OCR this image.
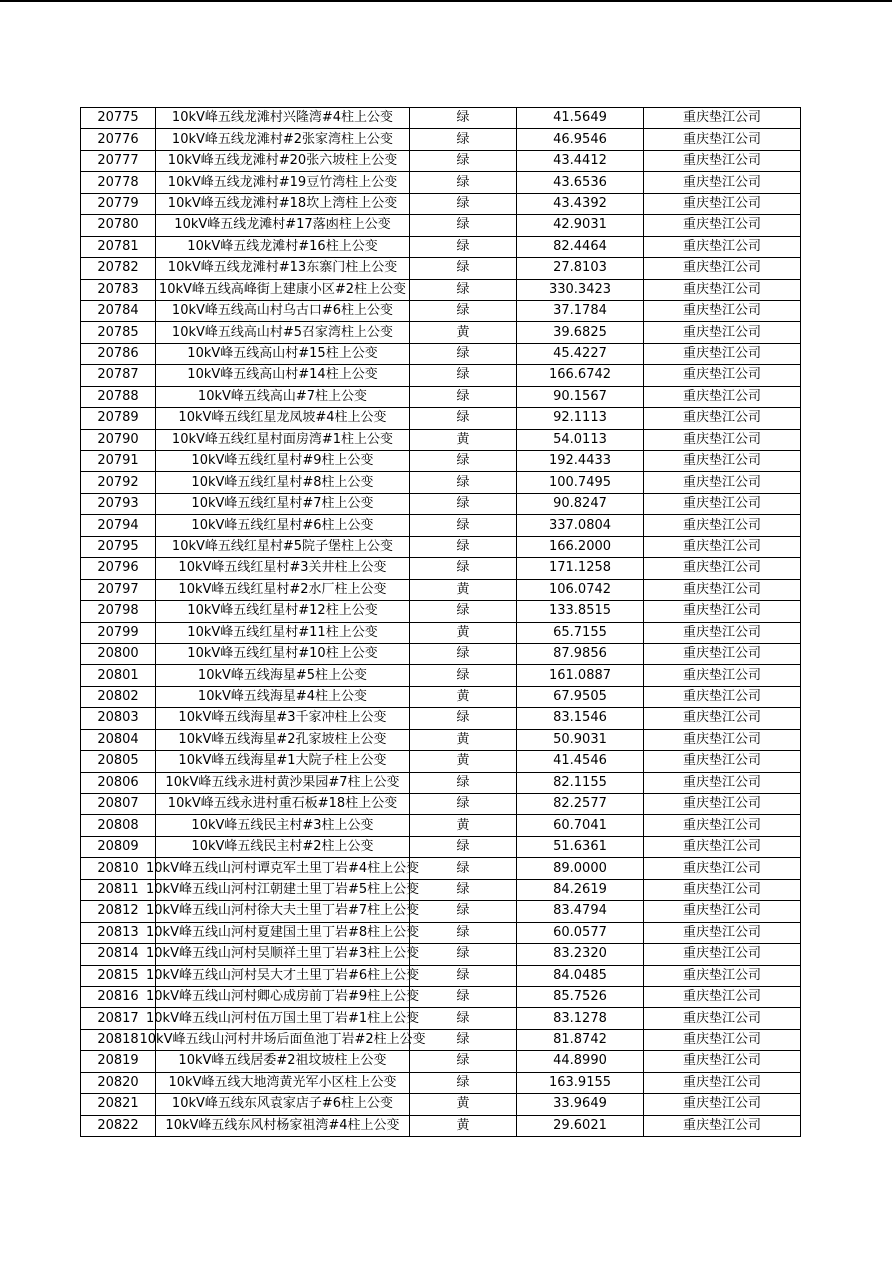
20775	10kV峰五线龙滩村兴隆湾#4柱上公变	绿	41.5649	重庆垫江公司
20776	10kV峰五线龙滩村#2张家湾柱上公变	绿	46.9546	重庆垫江公司
20777	10kV峰五线龙滩村#20张六坡柱上公变	绿	43.4412	重庆垫江公司
20778	10kV峰五线龙滩村#19豆竹湾柱上公变	绿	43.6536	重庆垫江公司
20779	10kV峰五线龙滩村#18坎上湾柱上公变	绿	43.4392	重庆垫江公司
20780	10kV峰五线龙滩村#17落凼柱上公变	绿	42.9031	重庆垫江公司
20781	10kV峰五线龙滩村#16柱上公变	绿	82.4464	重庆垫江公司
20782	10kV峰五线龙滩村#13东寨门柱上公变	绿	27.8103	重庆垫江公司
20783	10kV峰五线高峰街上建康小区#2柱上公变	绿	330.3423	重庆垫江公司
20784	10kV峰五线高山村乌古口#6柱上公变	绿	37.1784	重庆垫江公司
20785	10kV峰五线高山村#5召家湾柱上公变	黄	39.6825	重庆垫江公司
20786	10kV峰五线高山村#15柱上公变	绿	45.4227	重庆垫江公司
20787	10kV峰五线高山村#14柱上公变	绿	166.6742	重庆垫江公司
20788	10kV峰五线高山#7柱上公变	绿	90.1567	重庆垫江公司
20789	10kV峰五线红星龙凤坡#4柱上公变	绿	92.1113	重庆垫江公司
20790	10kV峰五线红星村面房湾#1柱上公变	黄	54.0113	重庆垫江公司
20791	10kV峰五线红星村#9柱上公变	绿	192.4433	重庆垫江公司
20792	10kV峰五线红星村#8柱上公变	绿	100.7495	重庆垫江公司
20793	10kV峰五线红星村#7柱上公变	绿	90.8247	重庆垫江公司
20794	10kV峰五线红星村#6柱上公变	绿	337.0804	重庆垫江公司
20795	10kV峰五线红星村#5院子堡柱上公变	绿	166.2000	重庆垫江公司
20796	10kV峰五线红星村#3关井柱上公变	绿	171.1258	重庆垫江公司
20797	10kV峰五线红星村#2水厂柱上公变	黄	106.0742	重庆垫江公司
20798	10kV峰五线红星村#12柱上公变	绿	133.8515	重庆垫江公司
20799	10kV峰五线红星村#11柱上公变	黄	65.7155	重庆垫江公司
20800	10kV峰五线红星村#10柱上公变	绿	87.9856	重庆垫江公司
20801	10kV峰五线海星#5柱上公变	绿	161.0887	重庆垫江公司
20802	10kV峰五线海星#4柱上公变	黄	67.9505	重庆垫江公司
20803	10kV峰五线海星#3千家冲柱上公变	绿	83.1546	重庆垫江公司
20804	10kV峰五线海星#2孔家坡柱上公变	黄	50.9031	重庆垫江公司
20805	10kV峰五线海星#1大院子柱上公变	黄	41.4546	重庆垫江公司
20806	10kV峰五线永进村黄沙果园#7柱上公变	绿	82.1155	重庆垫江公司
20807	10kV峰五线永进村重石板#18柱上公变	绿	82.2577	重庆垫江公司
20808	10kV峰五线民主村#3柱上公变	黄	60.7041	重庆垫江公司
20809	10kV峰五线民主村#2柱上公变	绿	51.6361	重庆垫江公司
20810	10kV峰五线山河村谭克军土里丁岩#4柱上公变	绿	89.0000	重庆垫江公司
20811	10kV峰五线山河村江朝建土里丁岩#5柱上公变	绿	84.2619	重庆垫江公司
20812	10kV峰五线山河村徐大夫土里丁岩#7柱上公变	绿	83.4794	重庆垫江公司
20813	10kV峰五线山河村夏建国土里丁岩#8柱上公变	绿	60.0577	重庆垫江公司
20814	10kV峰五线山河村吴顺祥土里丁岩#3柱上公变	绿	83.2320	重庆垫江公司
20815	10kV峰五线山河村吴大才土里丁岩#6柱上公变	绿	84.0485	重庆垫江公司
20816	10kV峰五线山河村卿心成房前丁岩#9柱上公变	绿	85.7526	重庆垫江公司
20817	10kV峰五线山河村伍万国土里丁岩#1柱上公变	绿	83.1278	重庆垫江公司
20818	10kV峰五线山河村井场后面鱼池丁岩#2柱上公变	绿	81.8742	重庆垫江公司
20819	10kV峰五线居委#2祖坟坡柱上公变	绿	44.8990	重庆垫江公司
20820	10kV峰五线大地湾黄光军小区柱上公变	绿	163.9155	重庆垫江公司
20821	10kV峰五线东风袁家店子#6柱上公变	黄	33.9649	重庆垫江公司
20822	10kV峰五线东风村杨家祖湾#4柱上公变	黄	29.6021	重庆垫江公司
